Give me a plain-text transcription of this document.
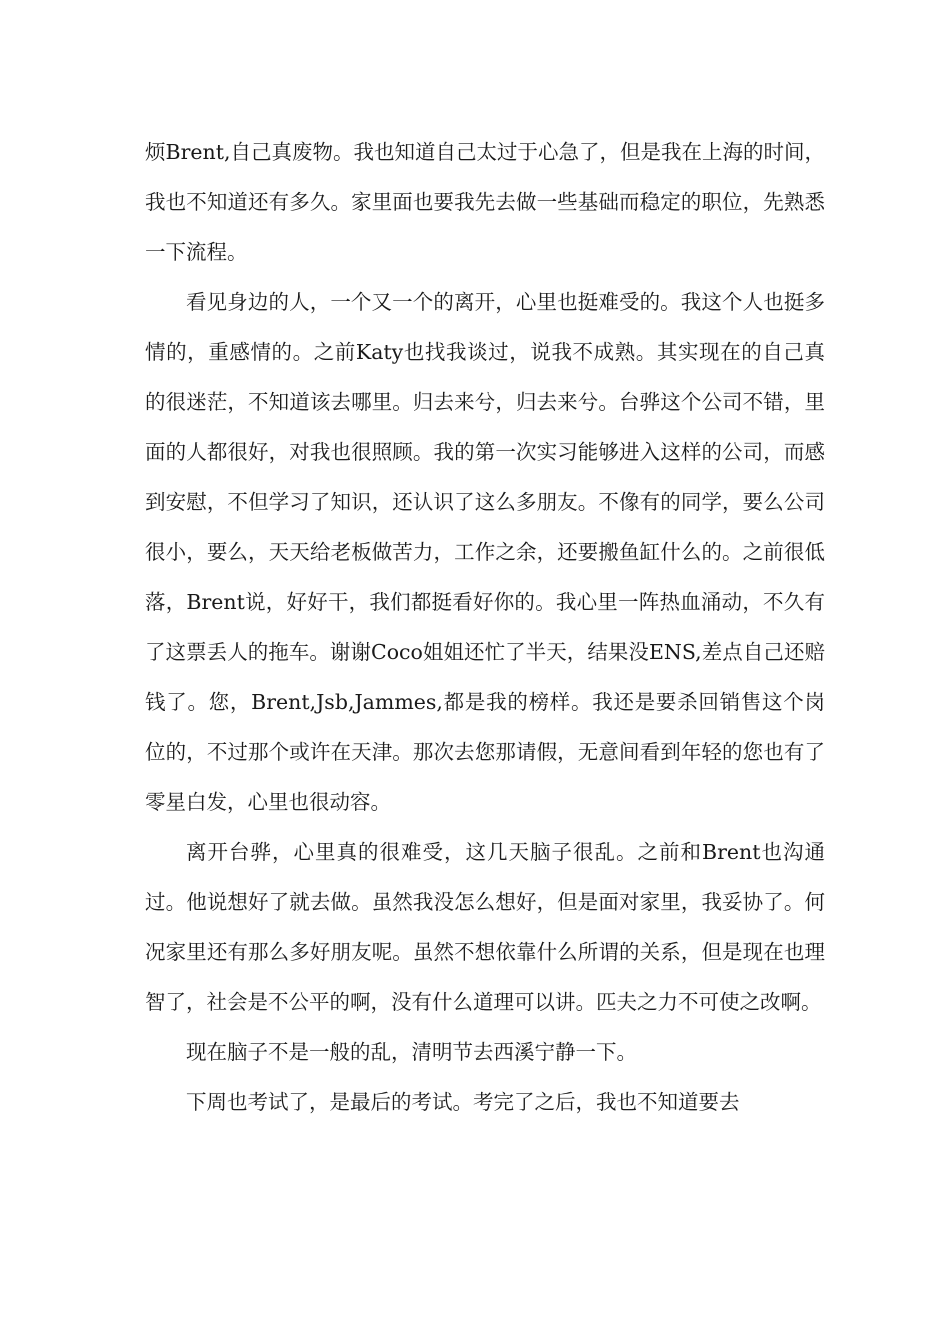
烦Brent,自己真废物。我也知道自己太过于心急了，但是我在上海的时间，我也不知道还有多久。家里面也要我先去做一些基础而稳定的职位，先熟悉一下流程。

看见身边的人，一个又一个的离开，心里也挺难受的。我这个人也挺多情的，重感情的。之前Katy也找我谈过，说我不成熟。其实现在的自己真的很迷茫，不知道该去哪里。归去来兮，归去来兮。台骅这个公司不错，里面的人都很好，对我也很照顾。我的第一次实习能够进入这样的公司，而感到安慰，不但学习了知识，还认识了这么多朋友。不像有的同学，要么公司很小，要么，天天给老板做苦力，工作之余，还要搬鱼缸什么的。之前很低落，Brent说，好好干，我们都挺看好你的。我心里一阵热血涌动，不久有了这票丢人的拖车。谢谢Coco姐姐还忙了半天，结果没ENS,差点自己还赔钱了。您，Brent,Jsb,Jammes,都是我的榜样。我还是要杀回销售这个岗位的，不过那个或许在天津。那次去您那请假，无意间看到年轻的您也有了零星白发，心里也很动容。

离开台骅，心里真的很难受，这几天脑子很乱。之前和Brent也沟通过。他说想好了就去做。虽然我没怎么想好，但是面对家里，我妥协了。何况家里还有那么多好朋友呢。虽然不想依靠什么所谓的关系，但是现在也理智了，社会是不公平的啊，没有什么道理可以讲。匹夫之力不可使之改啊。

现在脑子不是一般的乱，清明节去西溪宁静一下。

下周也考试了，是最后的考试。考完了之后，我也不知道要去
